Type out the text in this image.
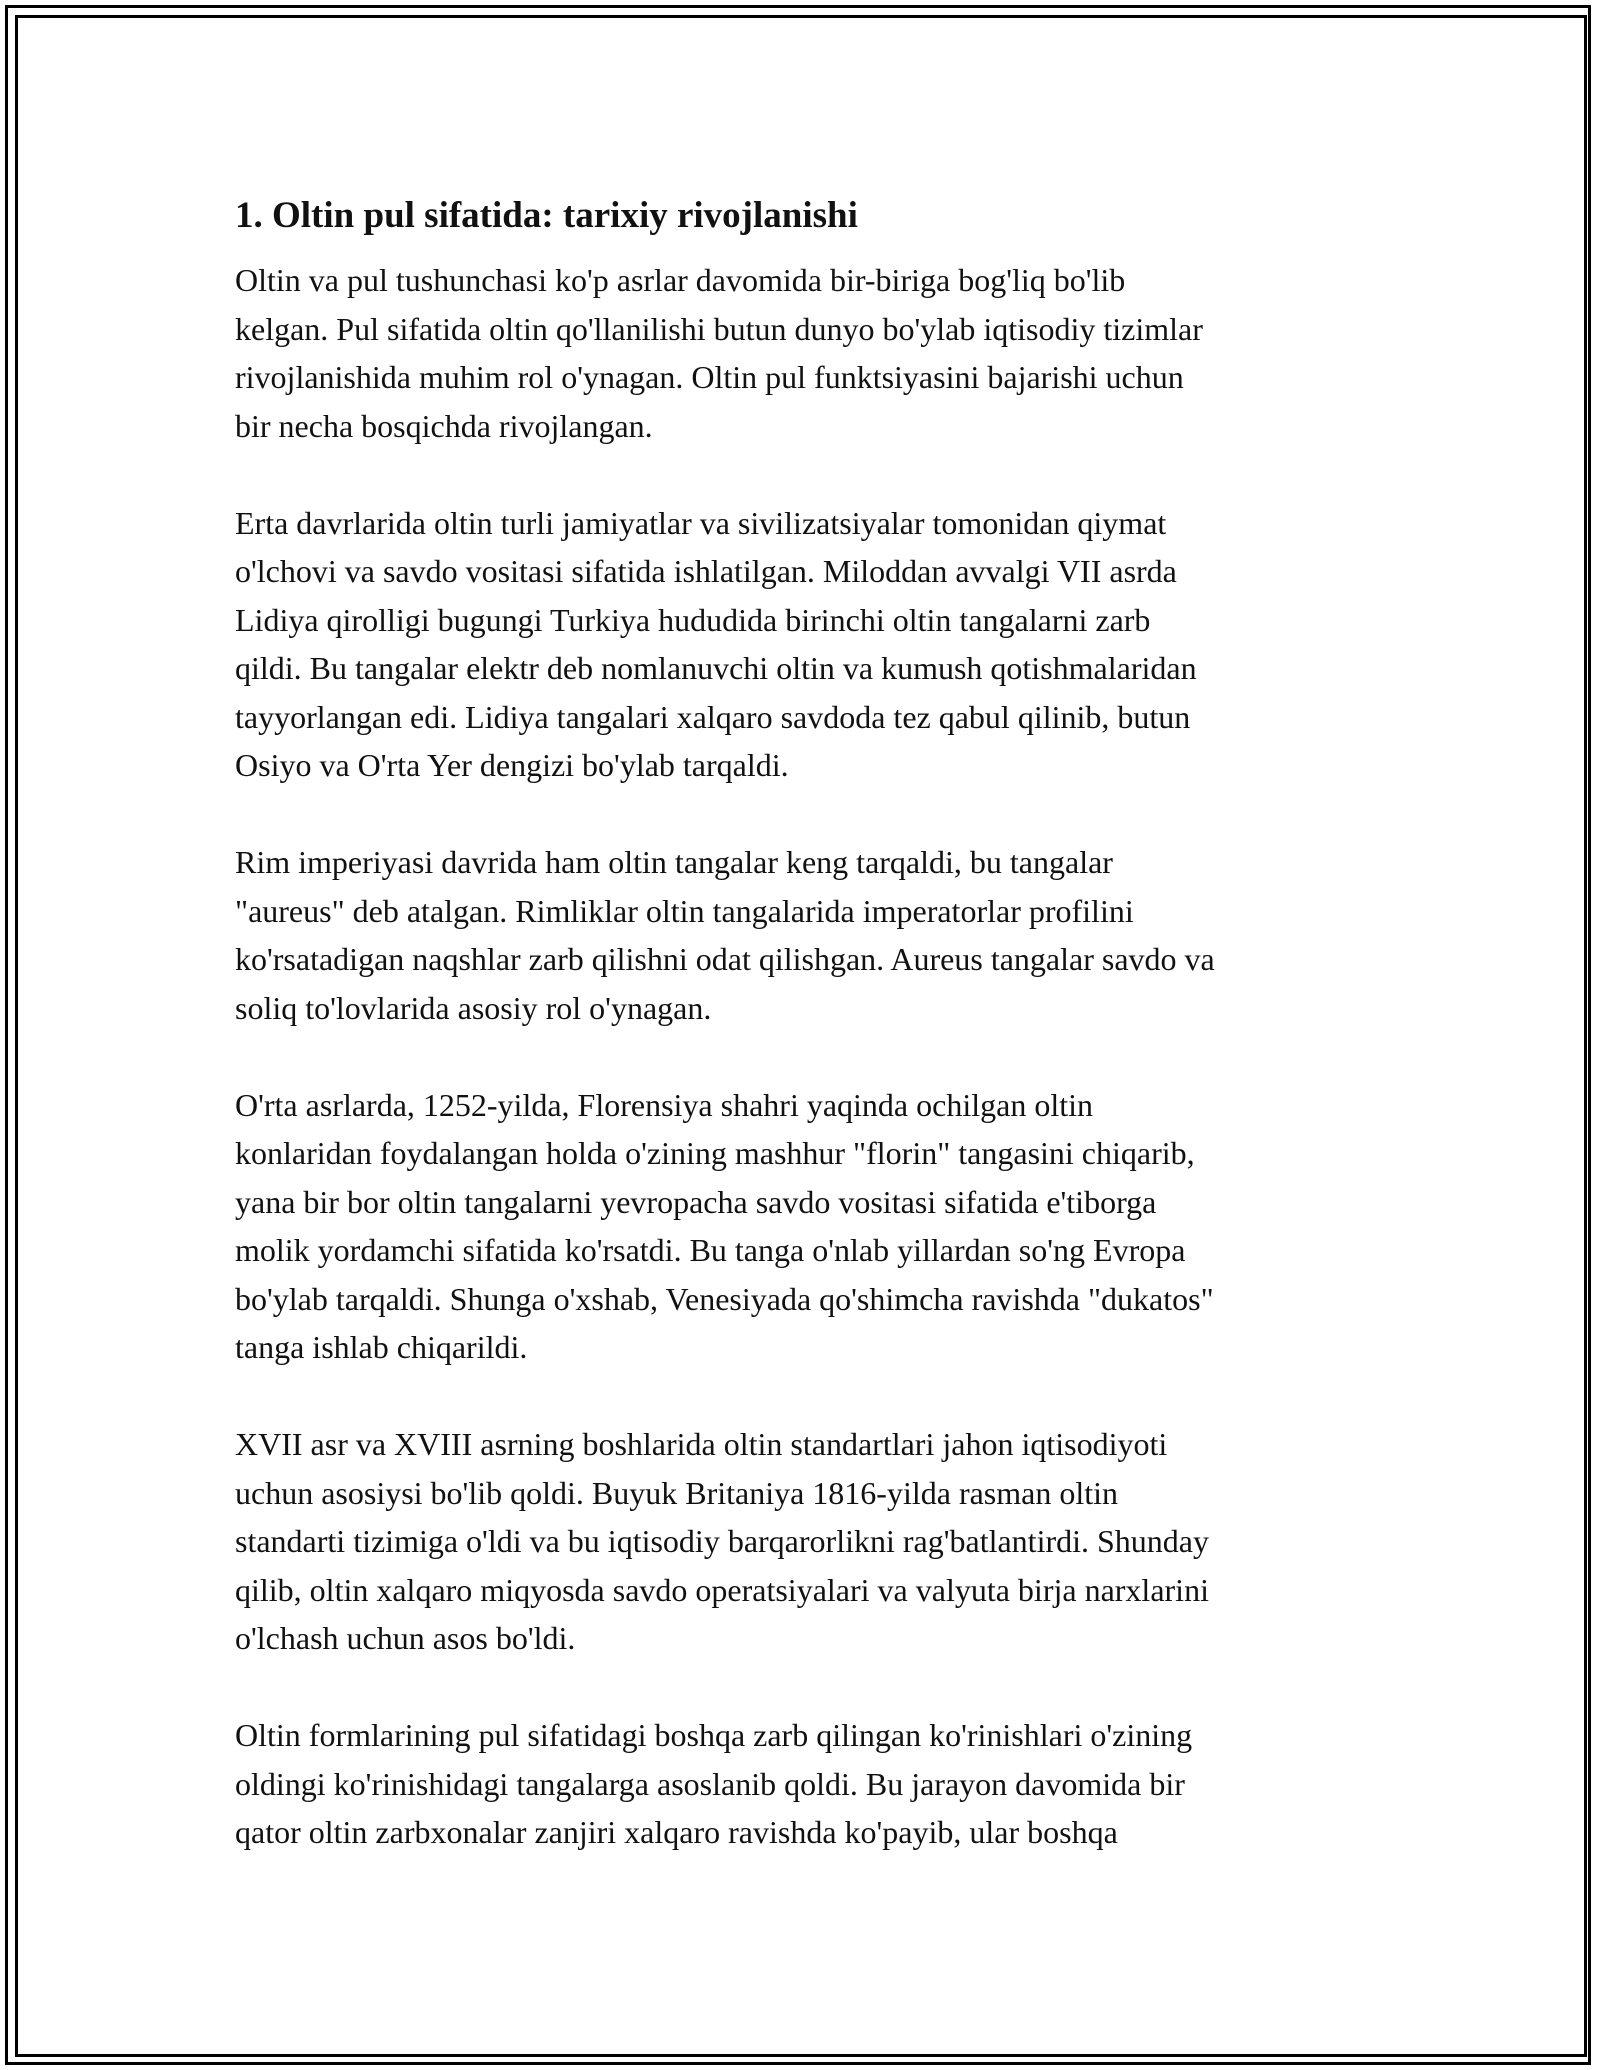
1. Oltin pul sifatida: tarixiy rivojlanishi

Oltin va pul tushunchasi ko'p asrlar davomida bir-biriga bog'liq bo'lib
kelgan. Pul sifatida oltin qo'llanilishi butun dunyo bo'ylab iqtisodiy tizimlar
rivojlanishida muhim rol o'ynagan. Oltin pul funktsiyasini bajarishi uchun
bir necha bosqichda rivojlangan.

Erta davrlarida oltin turli jamiyatlar va sivilizatsiyalar tomonidan qiymat
o'lchovi va savdo vositasi sifatida ishlatilgan. Miloddan avvalgi VII asrda
Lidiya qirolligi bugungi Turkiya hududida birinchi oltin tangalarni zarb
qildi. Bu tangalar elektr deb nomlanuvchi oltin va kumush qotishmalaridan
tayyorlangan edi. Lidiya tangalari xalqaro savdoda tez qabul qilinib, butun
Osiyo va O'rta Yer dengizi bo'ylab tarqaldi.

Rim imperiyasi davrida ham oltin tangalar keng tarqaldi, bu tangalar
"aureus" deb atalgan. Rimliklar oltin tangalarida imperatorlar profilini
ko'rsatadigan naqshlar zarb qilishni odat qilishgan. Aureus tangalar savdo va
soliq to'lovlarida asosiy rol o'ynagan.

O'rta asrlarda, 1252-yilda, Florensiya shahri yaqinda ochilgan oltin
konlaridan foydalangan holda o'zining mashhur "florin" tangasini chiqarib,
yana bir bor oltin tangalarni yevropacha savdo vositasi sifatida e'tiborga
molik yordamchi sifatida ko'rsatdi. Bu tanga o'nlab yillardan so'ng Evropa
bo'ylab tarqaldi. Shunga o'xshab, Venesiyada qo'shimcha ravishda "dukatos"
tanga ishlab chiqarildi.

XVII asr va XVIII asrning boshlarida oltin standartlari jahon iqtisodiyoti
uchun asosiysi bo'lib qoldi. Buyuk Britaniya 1816-yilda rasman oltin
standarti tizimiga o'ldi va bu iqtisodiy barqarorlikni rag'batlantirdi. Shunday
qilib, oltin xalqaro miqyosda savdo operatsiyalari va valyuta birja narxlarini
o'lchash uchun asos bo'ldi.

Oltin formlarining pul sifatidagi boshqa zarb qilingan ko'rinishlari o'zining
oldingi ko'rinishidagi tangalarga asoslanib qoldi. Bu jarayon davomida bir
qator oltin zarbxonalar zanjiri xalqaro ravishda ko'payib, ular boshqa
